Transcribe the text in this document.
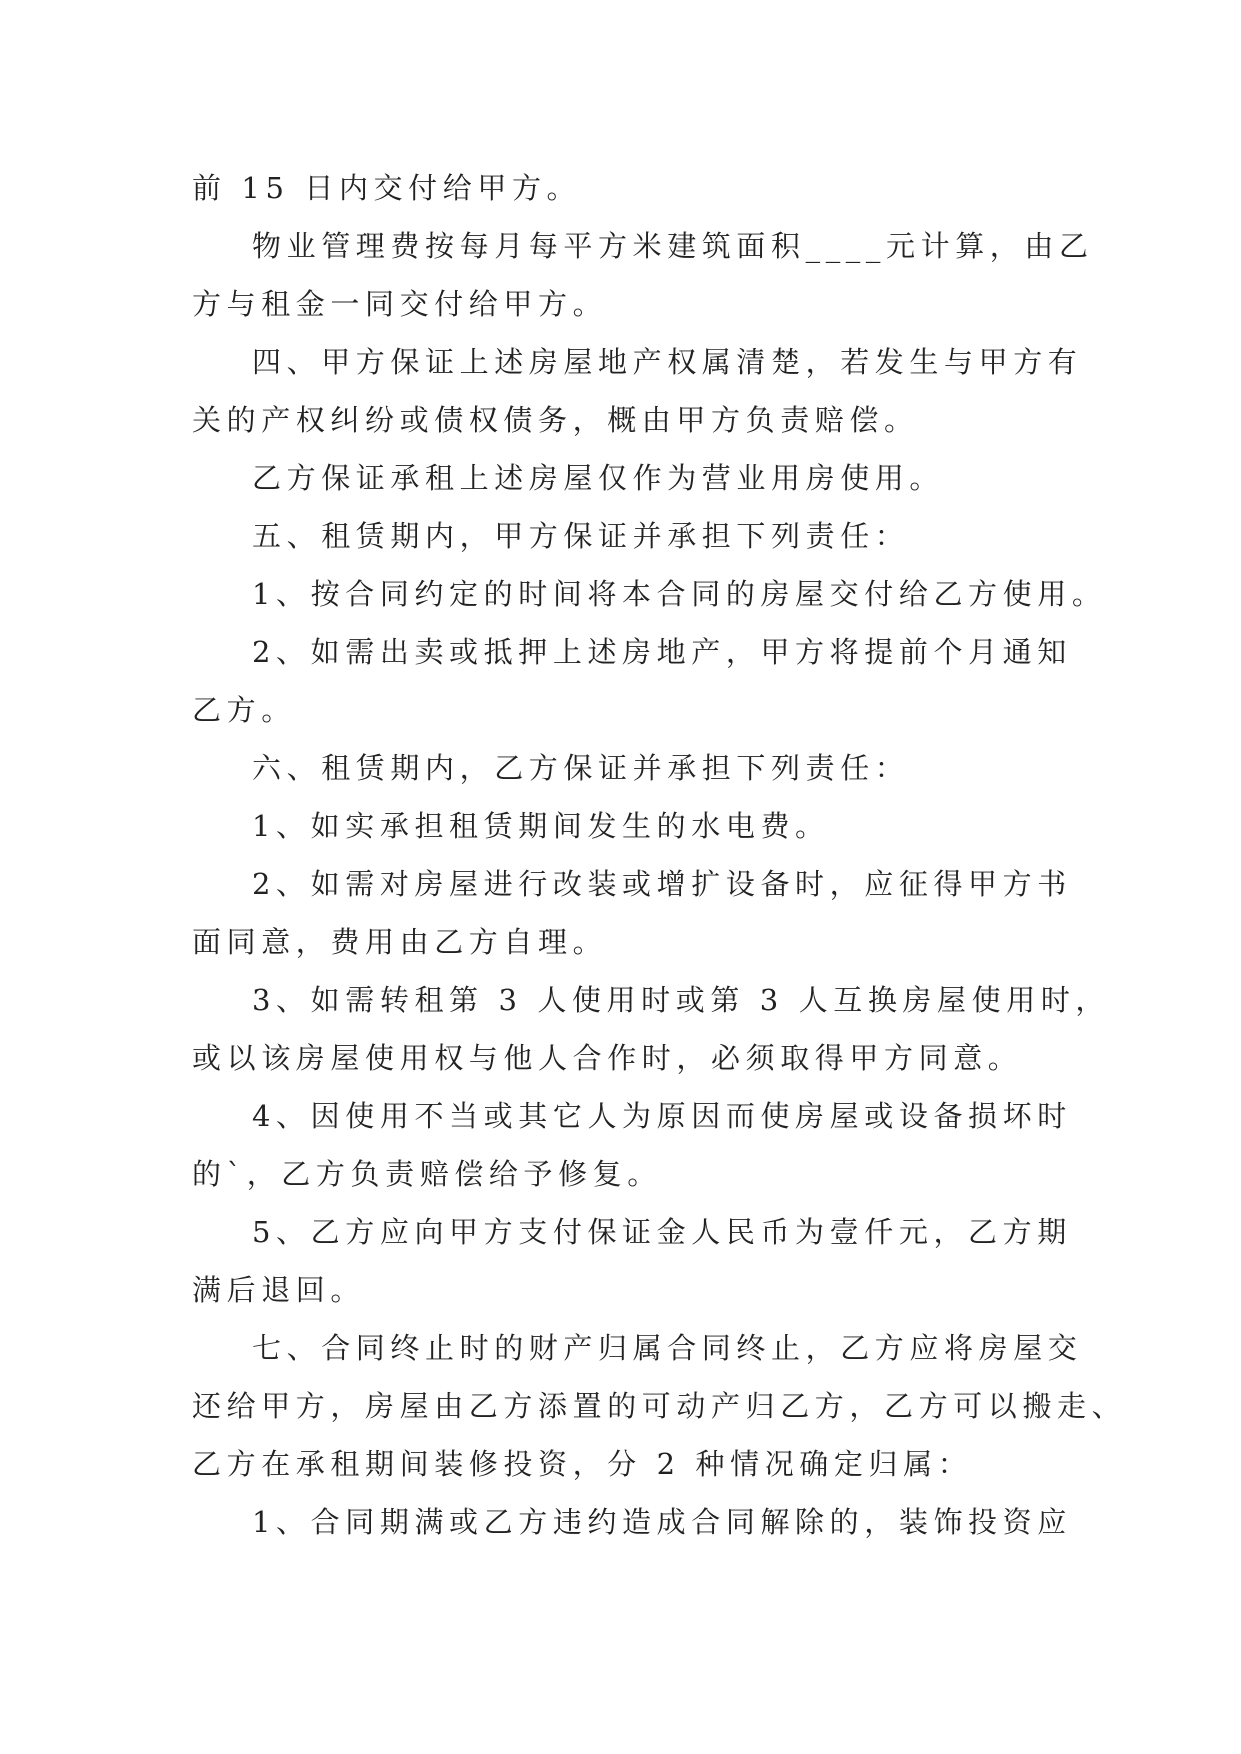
前 15 日内交付给甲方。
物业管理费按每月每平方米建筑面积____元计算，由乙
方与租金一同交付给甲方。
四、甲方保证上述房屋地产权属清楚，若发生与甲方有
关的产权纠纷或债权债务，概由甲方负责赔偿。
乙方保证承租上述房屋仅作为营业用房使用。
五、租赁期内，甲方保证并承担下列责任：
1、按合同约定的时间将本合同的房屋交付给乙方使用。
2、如需出卖或抵押上述房地产，甲方将提前个月通知
乙方。
六、租赁期内，乙方保证并承担下列责任：
1、如实承担租赁期间发生的水电费。
2、如需对房屋进行改装或增扩设备时，应征得甲方书
面同意，费用由乙方自理。
3、如需转租第 3 人使用时或第 3 人互换房屋使用时，
或以该房屋使用权与他人合作时，必须取得甲方同意。
4、因使用不当或其它人为原因而使房屋或设备损坏时
的`，乙方负责赔偿给予修复。
5、乙方应向甲方支付保证金人民币为壹仟元，乙方期
满后退回。
七、合同终止时的财产归属合同终止，乙方应将房屋交
还给甲方，房屋由乙方添置的可动产归乙方，乙方可以搬走、
乙方在承租期间装修投资，分 2 种情况确定归属：
1、合同期满或乙方违约造成合同解除的，装饰投资应
